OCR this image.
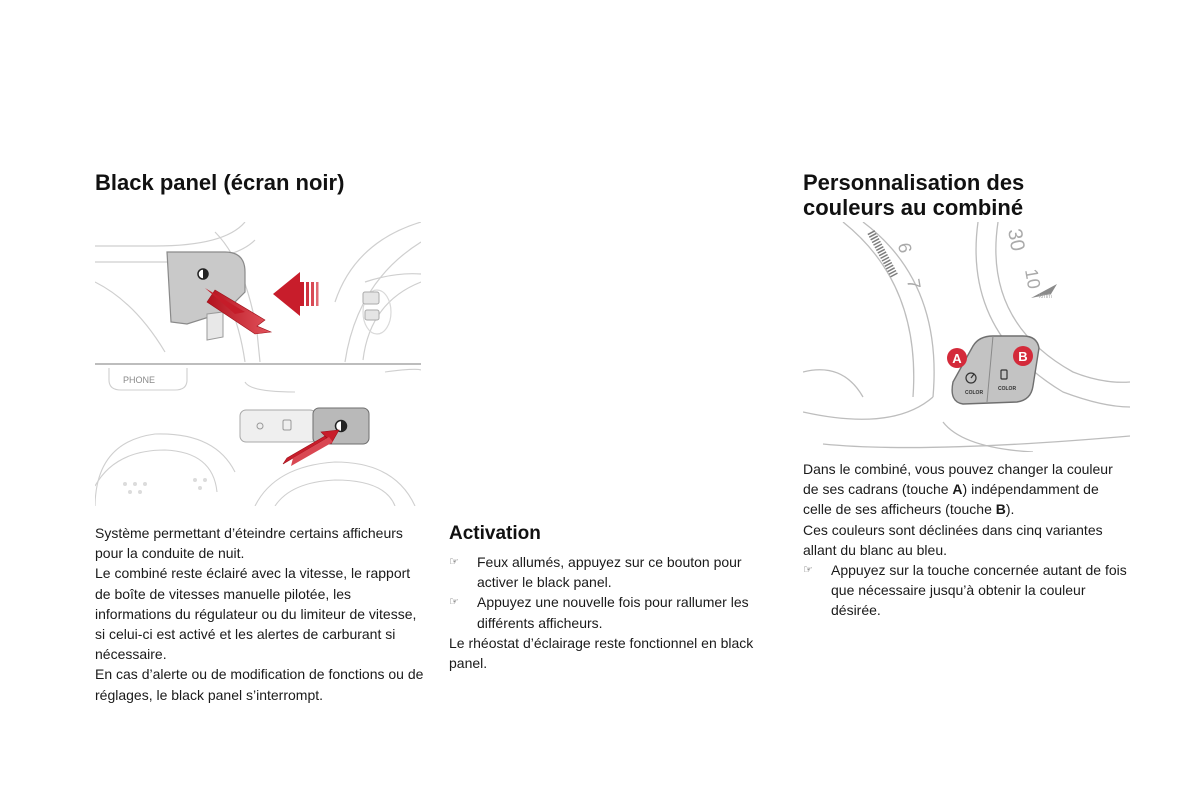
Black panel (écran noir)
PHONE

Système permettant d’éteindre certains afficheurs pour la conduite de nuit.

Le combiné reste éclairé avec la vitesse, le rapport de boîte de vitesses manuelle pilotée, les informations du régulateur ou du limiteur de vitesse, si celui-ci est activé et les alertes de carburant si nécessaire.

En cas d’alerte ou de modification de fonctions ou de réglages, le black panel s’interrompt.

Activation

☞ Feux allumés, appuyez sur ce bouton pour activer le black panel.

☞ Appuyez une nouvelle fois pour rallumer les différents afficheurs.

Le rhéostat d’éclairage reste fonctionnel en black panel.

Personnalisation des couleurs au combiné
6
7
30
10
km/h
COLOR
COLOR
A	B

Dans le combiné, vous pouvez changer la couleur de ses cadrans (touche A) indépendamment de celle de ses afficheurs (touche B).

Ces couleurs sont déclinées dans cinq variantes allant du blanc au bleu.

☞ Appuyez sur la touche concernée autant de fois que nécessaire jusqu’à obtenir la couleur désirée.
